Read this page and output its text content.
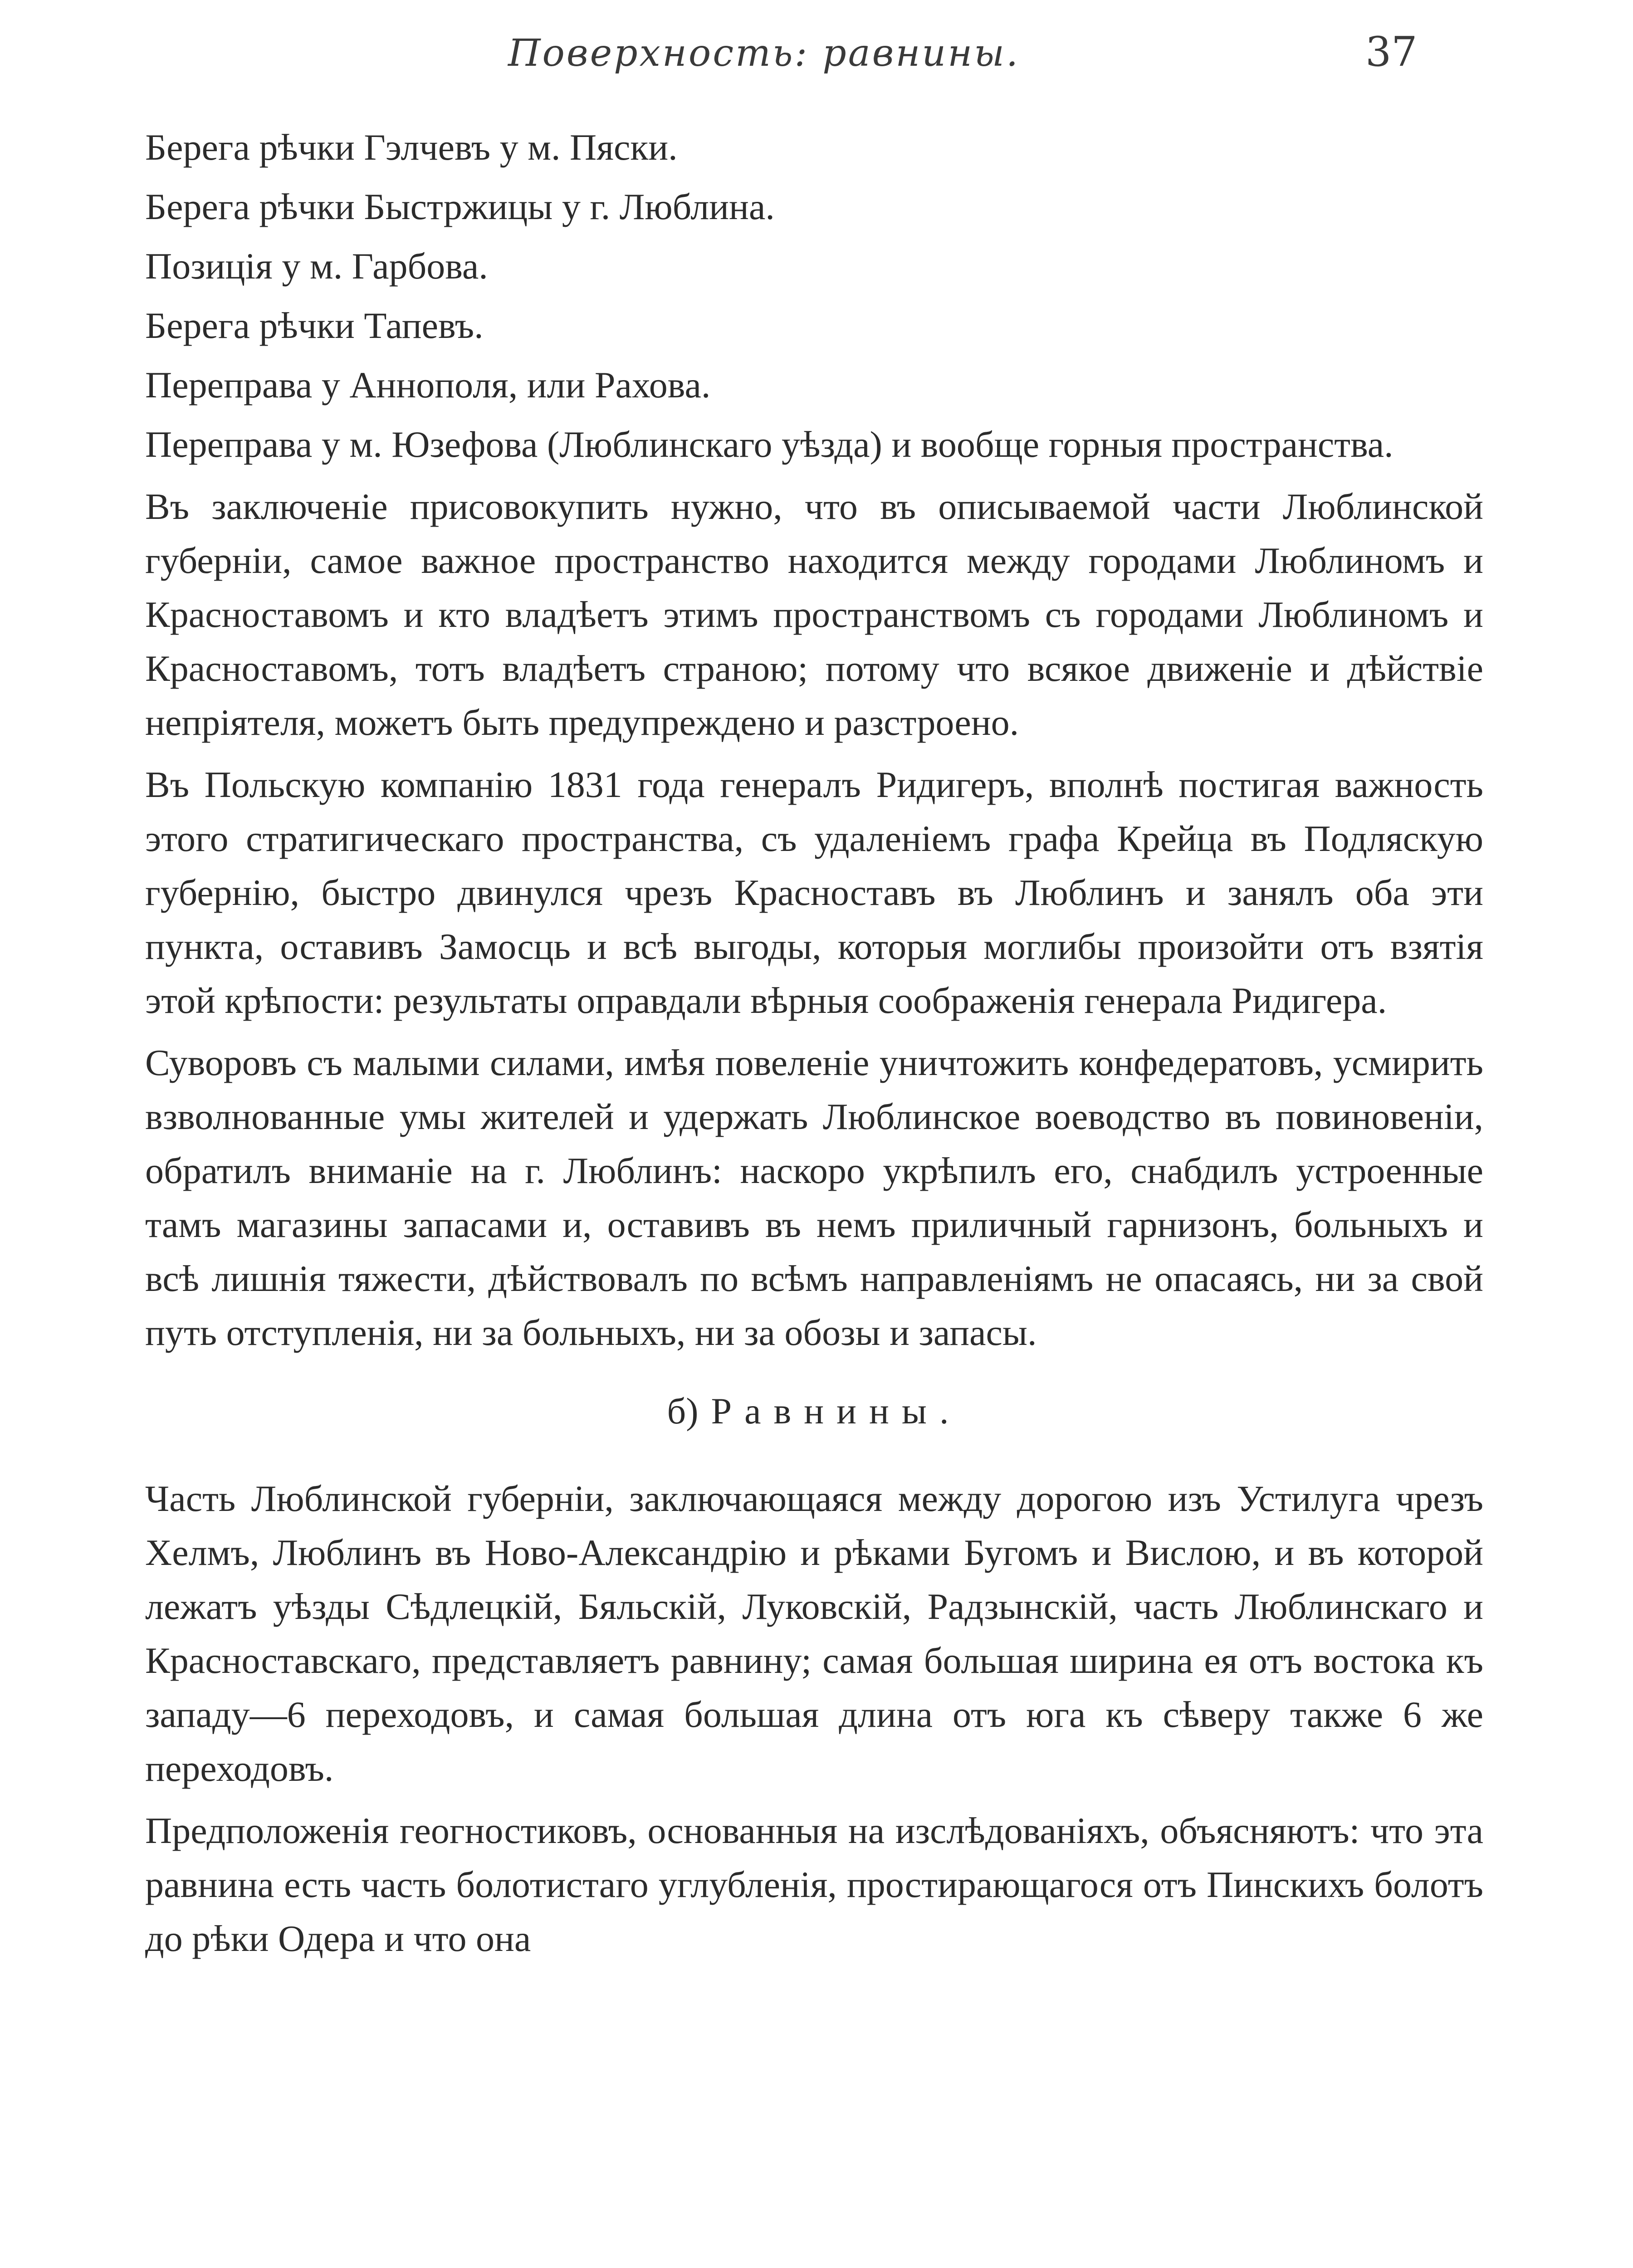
Поверхность: равнины.	37

Берега рѣчки Гэлчевъ у м. Пяски.

Берега рѣчки Быстржицы у г. Люблина.

Позиція у м. Гарбова.

Берега рѣчки Тапевъ.

Переправа у Аннополя, или Рахова.

Переправа у м. Юзефова (Люблинскаго уѣзда) и вообще горныя пространства.

Въ заключеніе присовокупить нужно, что въ описываемой части Люблинской губерніи, самое важное пространство находится между городами Люблиномъ и Красноставомъ и кто владѣетъ этимъ пространствомъ съ городами Люблиномъ и Красноставомъ, тотъ владѣетъ страною; потому что всякое движеніе и дѣйствіе непріятеля, можетъ быть предупреждено и разстроено.

Въ Польскую компанію 1831 года генералъ Ридигеръ, вполнѣ постигая важность этого стратигическаго пространства, съ удаленіемъ графа Крейца въ Подляскую губернію, быстро двинулся чрезъ Красноставъ въ Люблинъ и занялъ оба эти пункта, оставивъ Замосць и всѣ выгоды, которыя моглибы произойти отъ взятія этой крѣпости: результаты оправдали вѣрныя соображенія генерала Ридигера.

Суворовъ съ малыми силами, имѣя повеленіе уничтожить конфедератовъ, усмирить взволнованные умы жителей и удержать Люблинское воеводство въ повиновеніи, обратилъ вниманіе на г. Люблинъ: наскоро укрѣпилъ его, снабдилъ устроенные тамъ магазины запасами и, оставивъ въ немъ приличный гарнизонъ, больныхъ и всѣ лишнія тяжести, дѣйствовалъ по всѣмъ направленіямъ не опасаясь, ни за свой путь отступленія, ни за больныхъ, ни за обозы и запасы.

б) Равнины.

Часть Люблинской губерніи, заключающаяся между дорогою изъ Устилуга чрезъ Хелмъ, Люблинъ въ Ново-Александрію и рѣками Бугомъ и Вислою, и въ которой лежатъ уѣзды Сѣдлецкій, Бяльскій, Луковскій, Радзынскій, часть Люблинскаго и Красноставскаго, представляетъ равнину; самая большая ширина ея отъ востока къ западу—6 переходовъ, и самая большая длина отъ юга къ сѣверу также 6 же переходовъ.

Предположенія геогностиковъ, основанныя на изслѣдованіяхъ, объясняютъ: что эта равнина есть часть болотистаго углубленія, простирающагося отъ Пинскихъ болотъ до рѣки Одера и что она
